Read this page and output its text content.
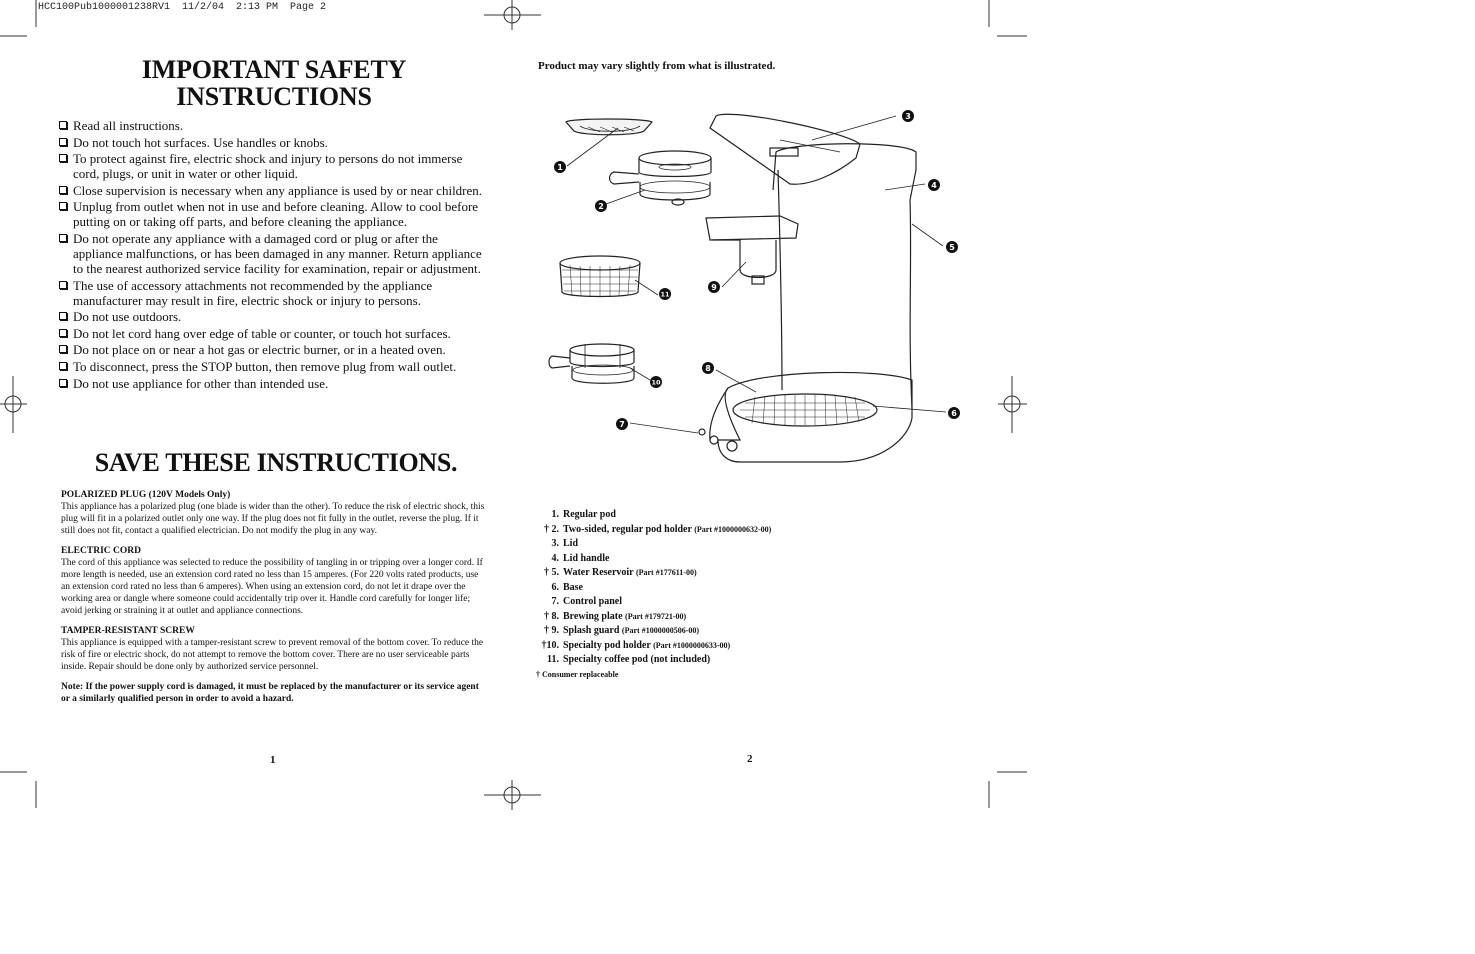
HCC100Pub1000001238RV1  11/2/04  2:13 PM  Page 2
IMPORTANT SAFETY
INSTRUCTIONS
Read all instructions.
Do not touch hot surfaces. Use handles or knobs.
To protect against fire, electric shock and injury to persons do not immerse cord, plugs, or unit in water or other liquid.
Close supervision is necessary when any appliance is used by or near children.
Unplug from outlet when not in use and before cleaning. Allow to cool before putting on or taking off parts, and before cleaning the appliance.
Do not operate any appliance with a damaged cord or plug or after the appliance malfunctions, or has been damaged in any manner. Return appliance to the nearest authorized service facility for examination, repair or adjustment.
The use of accessory attachments not recommended by the appliance manufacturer may result in fire, electric shock or injury to persons.
Do not use outdoors.
Do not let cord hang over edge of table or counter, or touch hot surfaces.
Do not place on or near a hot gas or electric burner, or in a heated oven.
To disconnect, press the STOP button, then remove plug from wall outlet.
Do not use appliance for other than intended use.
SAVE THESE INSTRUCTIONS.

POLARIZED PLUG (120V Models Only)

This appliance has a polarized plug (one blade is wider than the other). To reduce the risk of electric shock, this plug will fit in a polarized outlet only one way. If the plug does not fit fully in the outlet, reverse the plug. If it still does not fit, contact a qualified electrician. Do not modify the plug in any way.

ELECTRIC CORD

The cord of this appliance was selected to reduce the possibility of tangling in or tripping over a longer cord. If more length is needed, use an extension cord rated no less than 15 amperes. (For 220 volts rated products, use an extension cord rated no less than 6 amperes). When using an extension cord, do not let it drape over the working area or dangle where someone could accidentally trip over it. Handle cord carefully for longer life; avoid jerking or straining it at outlet and appliance connections.

TAMPER-RESISTANT SCREW

This appliance is equipped with a tamper-resistant screw to prevent removal of the bottom cover. To reduce the risk of fire or electric shock, do not attempt to remove the bottom cover. There are no user serviceable parts inside. Repair should be done only by authorized service personnel.

Note: If the power supply cord is damaged, it must be replaced by the manufacturer or its service agent or a similarly qualified person in order to avoid a hazard.

1
Product may vary slightly from what is illustrated.
1
2
3
4
5
6
7
8
9
10
11
1. Regular pod
† 2. Two-sided, regular pod holder (Part #1000000632-00)
3. Lid
4. Lid handle
† 5. Water Reservoir (Part #177611-00)
6. Base
7. Control panel
† 8. Brewing plate (Part #179721-00)
† 9. Splash guard (Part #1000000506-00)
†10. Specialty pod holder (Part #1000000633-00)
11. Specialty coffee pod (not included)
† Consumer replaceable
2
